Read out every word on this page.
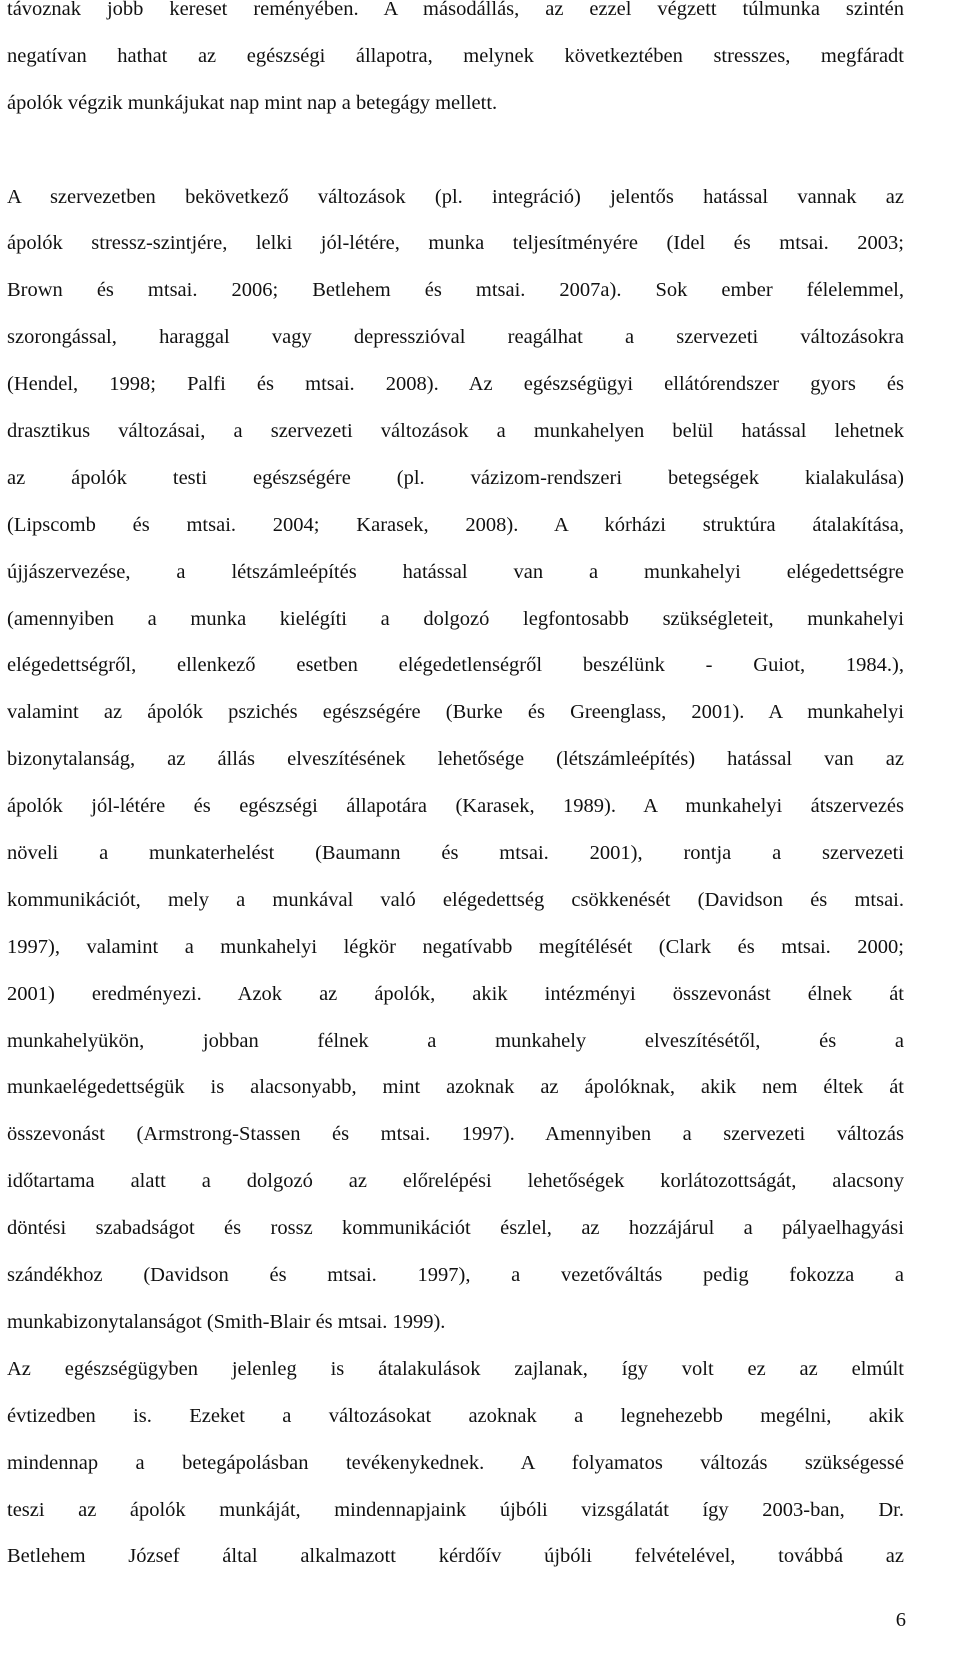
távoznak jobb kereset reményében. A másodállás, az ezzel végzett túlmunka szintén
negatívan hathat az egészségi állapotra, melynek következtében stresszes, megfáradt
ápolók végzik munkájukat nap mint nap a betegágy mellett.
A szervezetben bekövetkező változások (pl. integráció) jelentős hatással vannak az
ápolók stressz-szintjére, lelki jól-létére, munka teljesítményére (Idel és mtsai. 2003;
Brown és mtsai. 2006; Betlehem és mtsai. 2007a). Sok ember félelemmel,
szorongással, haraggal vagy depresszióval reagálhat a szervezeti változásokra
(Hendel, 1998; Palfi és mtsai. 2008). Az egészségügyi ellátórendszer gyors és
drasztikus változásai, a szervezeti változások a munkahelyen belül hatással lehetnek
az ápolók testi egészségére (pl. vázizom-rendszeri betegségek kialakulása)
(Lipscomb és mtsai. 2004; Karasek, 2008). A kórházi struktúra átalakítása,
újjászervezése, a létszámleépítés hatással van a munkahelyi elégedettségre
(amennyiben a munka kielégíti a dolgozó legfontosabb szükségleteit, munkahelyi
elégedettségről, ellenkező esetben elégedetlenségről beszélünk - Guiot, 1984.),
valamint az ápolók pszichés egészségére (Burke és Greenglass, 2001). A munkahelyi
bizonytalanság, az állás elveszítésének lehetősége (létszámleépítés) hatással van az
ápolók jól-létére és egészségi állapotára (Karasek, 1989). A munkahelyi átszervezés
növeli a munkaterhelést (Baumann és mtsai. 2001), rontja a szervezeti
kommunikációt, mely a munkával való elégedettség csökkenését (Davidson és mtsai.
1997), valamint a munkahelyi légkör negatívabb megítélését (Clark és mtsai. 2000;
2001) eredményezi. Azok az ápolók, akik intézményi összevonást élnek át
munkahelyükön, jobban félnek a munkahely elveszítésétől, és a
munkaelégedettségük is alacsonyabb, mint azoknak az ápolóknak, akik nem éltek át
összevonást (Armstrong-Stassen és mtsai. 1997). Amennyiben a szervezeti változás
időtartama alatt a dolgozó az előrelépési lehetőségek korlátozottságát, alacsony
döntési szabadságot és rossz kommunikációt észlel, az hozzájárul a pályaelhagyási
szándékhoz (Davidson és mtsai. 1997), a vezetőváltás pedig fokozza a
munkabizonytalanságot (Smith-Blair és mtsai. 1999).
Az egészségügyben jelenleg is átalakulások zajlanak, így volt ez az elmúlt
évtizedben is. Ezeket a változásokat azoknak a legnehezebb megélni, akik
mindennap a betegápolásban tevékenykednek. A folyamatos változás szükségessé
teszi az ápolók munkáját, mindennapjaink újbóli vizsgálatát így 2003-ban, Dr.
Betlehem József által alkalmazott kérdőív újbóli felvételével, továbbá az
6
